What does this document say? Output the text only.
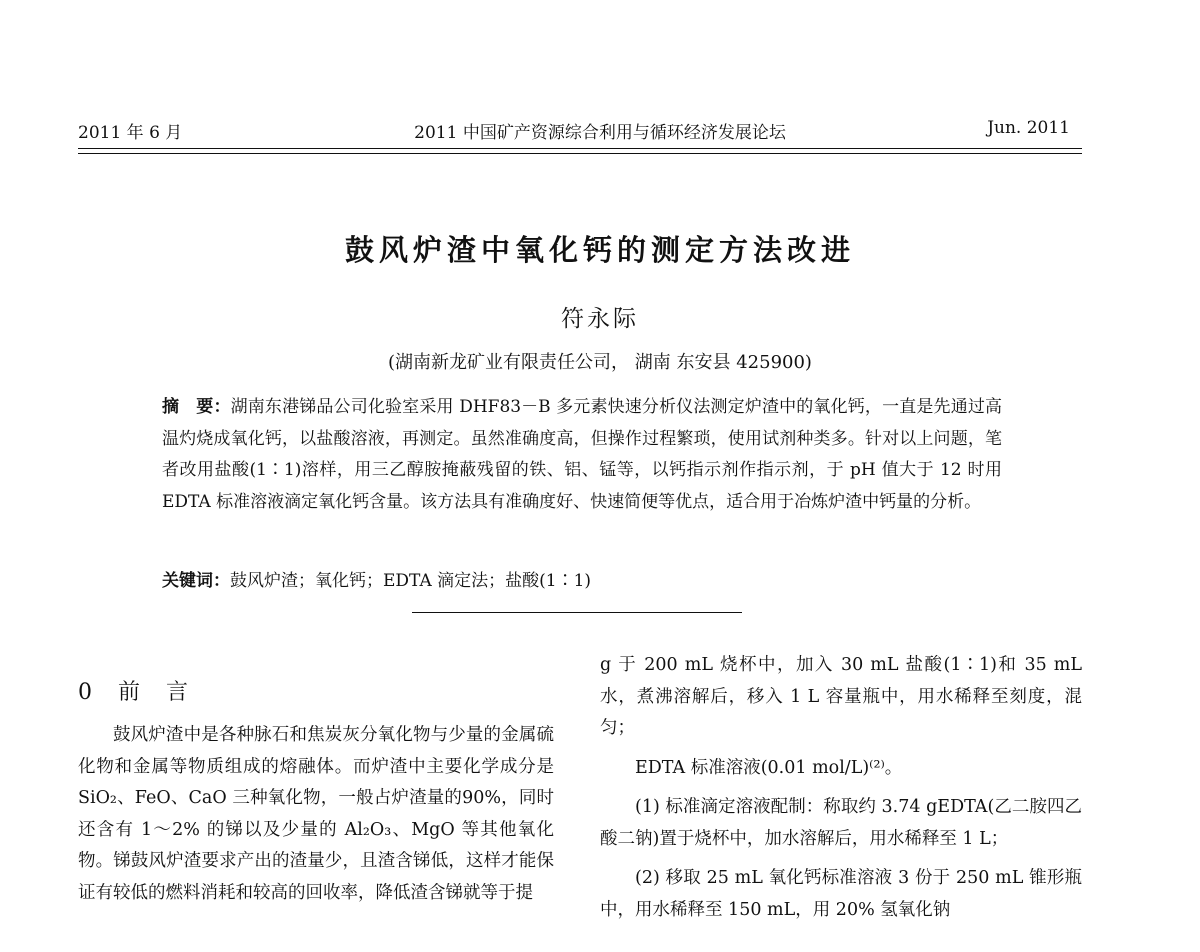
2011 年 6 月	2011 中国矿产资源综合利用与循环经济发展论坛	Jun. 2011
鼓风炉渣中氧化钙的测定方法改进
符永际
(湖南新龙矿业有限责任公司， 湖南 东安县 425900)
摘　要：湖南东港锑品公司化验室采用 DHF83－B 多元素快速分析仪法测定炉渣中的氧化钙，一直是先通过高温灼烧成氧化钙，以盐酸溶液，再测定。虽然准确度高，但操作过程繁琐，使用试剂种类多。针对以上问题，笔者改用盐酸(1∶1)溶样，用三乙醇胺掩蔽残留的铁、铝、锰等，以钙指示剂作指示剂，于 pH 值大于 12 时用 EDTA 标准溶液滴定氧化钙含量。该方法具有准确度好、快速简便等优点，适合用于冶炼炉渣中钙量的分析。
关键词：鼓风炉渣；氧化钙；EDTA 滴定法；盐酸(1∶1)
0　前　言

鼓风炉渣中是各种脉石和焦炭灰分氧化物与少量的金属硫化物和金属等物质组成的熔融体。而炉渣中主要化学成分是 SiO₂、FeO、CaO 三种氧化物，一般占炉渣量的90%，同时还含有 1～2% 的锑以及少量的 Al₂O₃、MgO 等其他氧化物。锑鼓风炉渣要求产出的渣量少，且渣含锑低，这样才能保证有较低的燃料消耗和较高的回收率，降低渣含锑就等于提

g 于 200 mL 烧杯中，加入 30 mL 盐酸(1∶1)和 35 mL 水，煮沸溶解后，移入 1 L 容量瓶中，用水稀释至刻度，混匀；

EDTA 标准溶液(0.01 mol/L)⁽²⁾。

(1) 标准滴定溶液配制：称取约 3.74 gEDTA(乙二胺四乙酸二钠)置于烧杯中，加水溶解后，用水稀释至 1 L；

(2) 移取 25 mL 氧化钙标准溶液 3 份于 250 mL 锥形瓶中，用水稀释至 150 mL，用 20% 氢氧化钠
